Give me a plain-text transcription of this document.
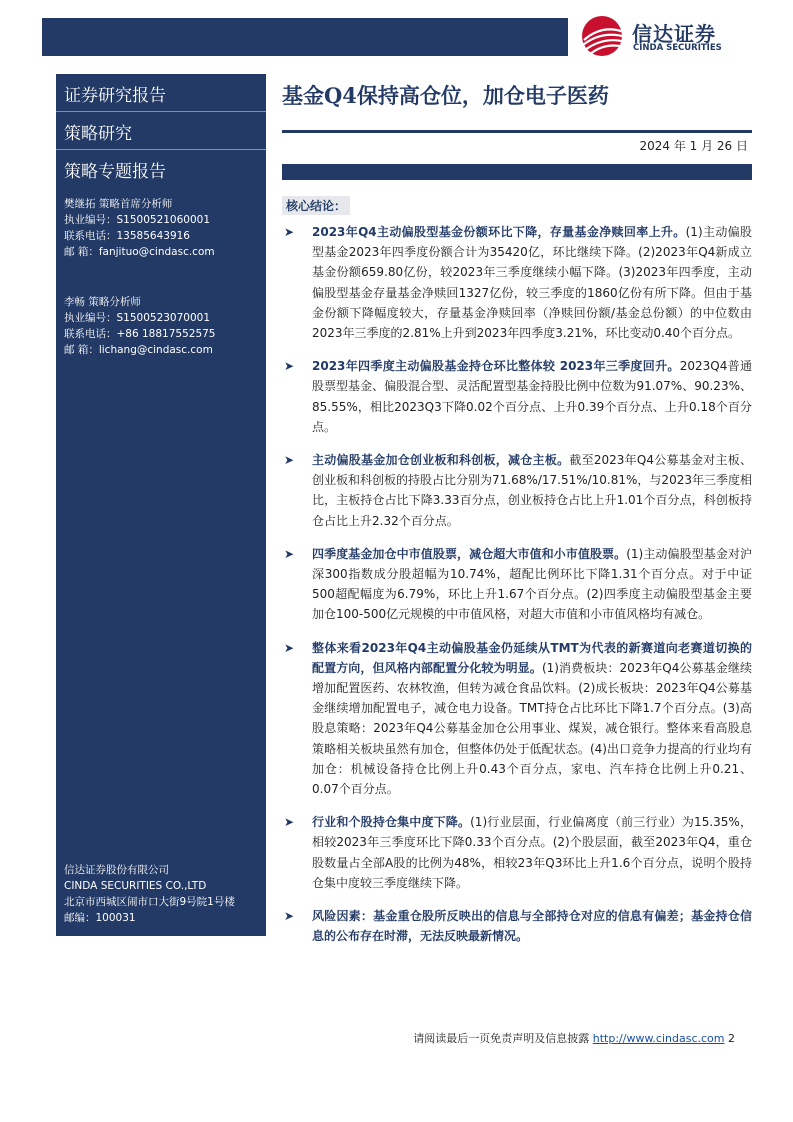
信达证券
CINDA SECURITIES
证券研究报告
策略研究
策略专题报告
樊继拓 策略首席分析师
执业编号：S1500521060001
联系电话：13585643916
邮 箱：fanjituo@cindasc.com
李畅 策略分析师
执业编号：S1500523070001
联系电话：+86 18817552575
邮 箱：lichang@cindasc.com
信达证券股份有限公司
CINDA SECURITIES CO.,LTD
北京市西城区闹市口大街9号院1号楼
邮编：100031
基金Q4保持高仓位，加仓电子医药
2024 年 1 月 26 日
核心结论：
➤ 2023年Q4主动偏股型基金份额环比下降，存量基金净赎回率上升。(1)主动偏股型基金2023年四季度份额合计为35420亿，环比继续下降。(2)2023年Q4新成立基金份额659.80亿份，较2023年三季度继续小幅下降。(3)2023年四季度，主动偏股型基金存量基金净赎回1327亿份，较三季度的1860亿份有所下降。但由于基金份额下降幅度较大，存量基金净赎回率（净赎回份额/基金总份额）的中位数由2023年三季度的2.81%上升到2023年四季度3.21%，环比变动0.40个百分点。
➤ 2023年四季度主动偏股基金持仓环比整体较 2023年三季度回升。2023Q4普通股票型基金、偏股混合型、灵活配置型基金持股比例中位数为91.07%、90.23%、85.55%，相比2023Q3下降0.02个百分点、上升0.39个百分点、上升0.18个百分点。
➤ 主动偏股基金加仓创业板和科创板，减仓主板。截至2023年Q4公募基金对主板、创业板和科创板的持股占比分别为71.68%/17.51%/10.81%，与2023年三季度相比，主板持仓占比下降3.33百分点，创业板持仓占比上升1.01个百分点，科创板持仓占比上升2.32个百分点。
➤ 四季度基金加仓中市值股票，减仓超大市值和小市值股票。(1)主动偏股型基金对沪深300指数成分股超幅为10.74%，超配比例环比下降1.31个百分点。对于中证500超配幅度为6.79%，环比上升1.67个百分点。(2)四季度主动偏股型基金主要加仓100-500亿元规模的中市值风格，对超大市值和小市值风格均有减仓。
➤ 整体来看2023年Q4主动偏股基金仍延续从TMT为代表的新赛道向老赛道切换的配置方向，但风格内部配置分化较为明显。(1)消费板块：2023年Q4公募基金继续增加配置医药、农林牧渔，但转为减仓食品饮料。(2)成长板块：2023年Q4公募基金继续增加配置电子，减仓电力设备。TMT持仓占比环比下降1.7个百分点。(3)高股息策略：2023年Q4公募基金加仓公用事业、煤炭，减仓银行。整体来看高股息策略相关板块虽然有加仓，但整体仍处于低配状态。(4)出口竞争力提高的行业均有加仓：机械设备持仓比例上升0.43个百分点，家电、汽车持仓比例上升0.21、0.07个百分点。
➤ 行业和个股持仓集中度下降。(1)行业层面，行业偏离度（前三行业）为15.35%，相较2023年三季度环比下降0.33个百分点。(2)个股层面，截至2023年Q4，重仓股数量占全部A股的比例为48%，相较23年Q3环比上升1.6个百分点，说明个股持仓集中度较三季度继续下降。
➤ 风险因素：基金重仓股所反映出的信息与全部持仓对应的信息有偏差；基金持仓信息的公布存在时滞，无法反映最新情况。
请阅读最后一页免责声明及信息披露 http://www.cindasc.com 2
